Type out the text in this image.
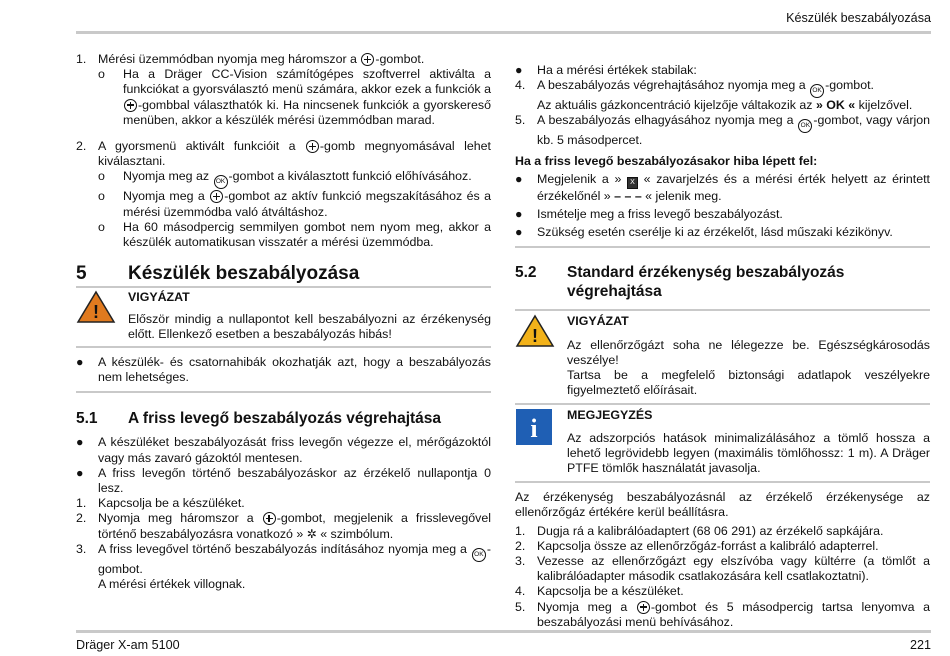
Készülék beszabályozása
1. Mérési üzemmódban nyomja meg háromszor a -gombot.
o	Ha a Dräger CC-Vision számítógépes szoftverrel aktiválta a funkciókat a gyorsválasztó menü számára, akkor ezek a funkciók a -gombbal választhatók ki. Ha nincsenek funkciók a gyorskereső menüben, akkor a készülék mérési üzemmódban marad.
2. A gyorsmenü aktivált funkcióit a -gomb megnyomásával lehet kiválasztani.
o	Nyomja meg az OK -gombot a kiválasztott funkció előhívásához.
o	Nyomja meg a -gombot az aktív funkció megszakításához és a mérési üzemmódba való átváltáshoz.
o	Ha 60 másodpercig semmilyen gombot nem nyom meg, akkor a készülék automatikusan visszatér a mérési üzemmódba.
5	Készülék beszabályozása
!

VIGYÁZAT

Először mindig a nullapontot kell beszabályozni az érzékenység előtt. Ellenkező esetben a beszabályozás hibás!

●	A készülék- és csatornahibák okozhatják azt, hogy a beszabályozás nem lehetséges.
5.1	A friss levegő beszabályozás végrehajtása
●	A készüléket beszabályozását friss levegőn végezze el, mérőgázoktól vagy más zavaró gázoktól mentesen.
●	A friss levegőn történő beszabályozáskor az érzékelő nullapontja 0 lesz.
1. Kapcsolja be a készüléket.
2. Nyomja meg háromszor a -gombot, megjelenik a frisslevegővel történő beszabályozásra vonatkozó » ✲ « szimbólum.
3. A friss levegővel történő beszabályozás indításához nyomja meg a OK -gombot.
A mérési értékek villognak.
●	Ha a mérési értékek stabilak:
4. A beszabályozás végrehajtásához nyomja meg a OK -gombot.
Az aktuális gázkoncentráció kijelzője váltakozik az » OK « kijelzővel.
5. A beszabályozás elhagyásához nyomja meg a OK -gombot, vagy várjon kb. 5 másodpercet.

Ha a friss levegő beszabályozásakor hiba lépett fel:

●	Megjelenik a » X « zavarjelzés és a mérési érték helyett az érintett érzékelőnél » – – – « jelenik meg.
●	Ismételje meg a friss levegő beszabályozást.
●	Szükség esetén cserélje ki az érzékelőt, lásd műszaki kézikönyv.
5.2	Standard érzékenység beszabályozás végrehajtása
!

VIGYÁZAT

Az ellenőrzőgázt soha ne lélegezze be. Egészségkárosodás veszélye!

Tartsa be a megfelelő biztonsági adatlapok veszélyekre figyelmeztető előírásait.

i MEGJEGYZÉS

Az adszorpciós hatások minimalizálásához a tömlő hossza a lehető legrövidebb legyen (maximális tömlőhossz: 1 m). A Dräger PTFE tömlők használatát javasolja.

Az érzékenység beszabályozásnál az érzékelő érzékenysége az ellenőrzőgáz értékére kerül beállításra.

1. Dugja rá a kalibrálóadaptert (68 06 291) az érzékelő sapkájára.
2. Kapcsolja össze az ellenőrzőgáz-forrást a kalibráló adapterrel.
3. Vezesse az ellenőrzőgázt egy elszívóba vagy kültérre (a tömlőt a kalibrálóadapter második csatlakozására kell csatlakoztatni).
4. Kapcsolja be a készüléket.
5. Nyomja meg a -gombot és 5 másodpercig tartsa lenyomva a beszabályozási menü behívásához.
Dräger X-am 5100	221
